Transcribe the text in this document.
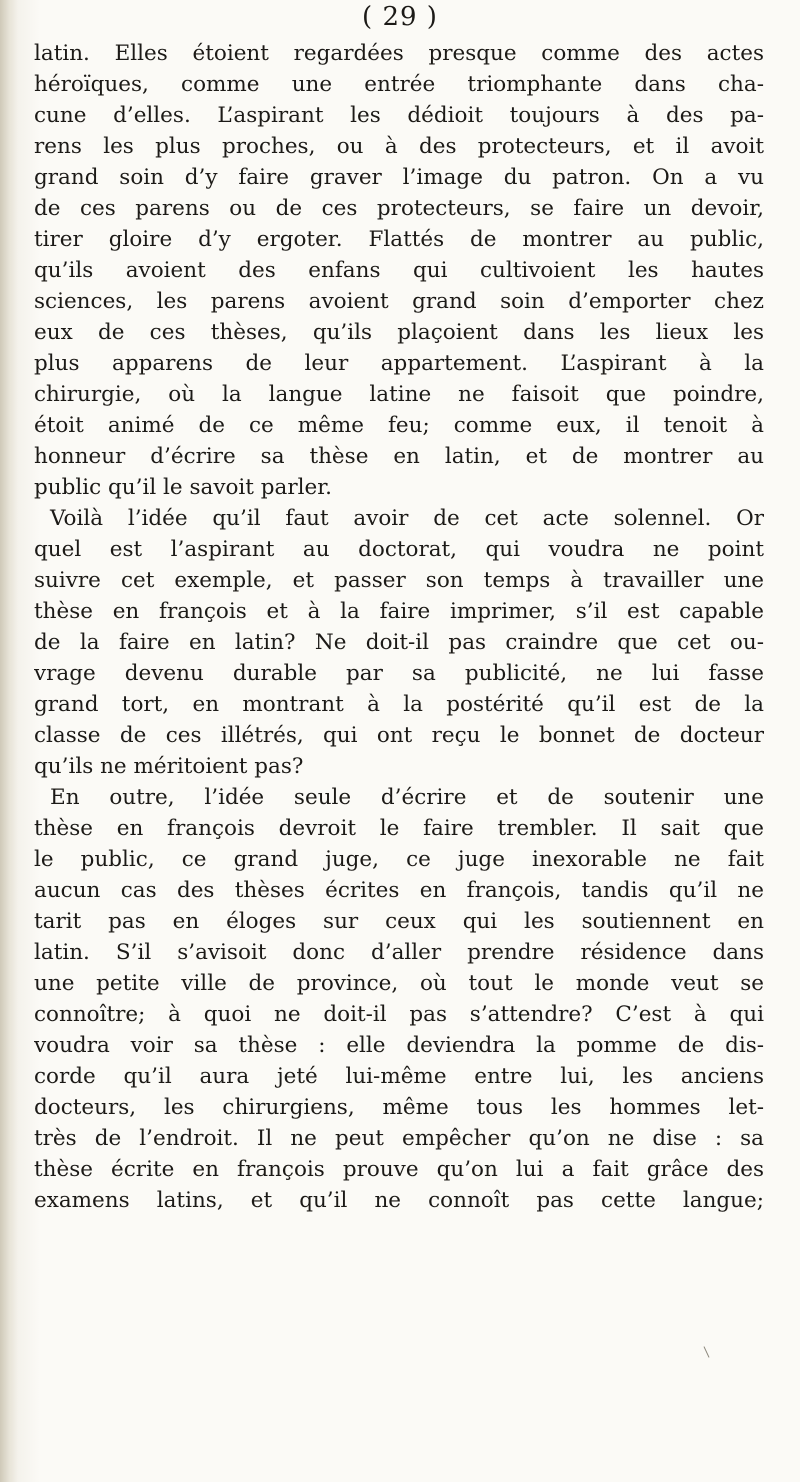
( 29 )
latin. Elles étoient regardées presque comme des actes
héroïques, comme une entrée triomphante dans cha-
cune d’elles. L’aspirant les dédioit toujours à des pa-
rens les plus proches, ou à des protecteurs, et il avoit
grand soin d’y faire graver l’image du patron. On a vu
de ces parens ou de ces protecteurs, se faire un devoir,
tirer gloire d’y ergoter. Flattés de montrer au public,
qu’ils avoient des enfans qui cultivoient les hautes
sciences, les parens avoient grand soin d’emporter chez
eux de ces thèses, qu’ils plaçoient dans les lieux les
plus apparens de leur appartement. L’aspirant à la
chirurgie, où la langue latine ne faisoit que poindre,
étoit animé de ce même feu; comme eux, il tenoit à
honneur d’écrire sa thèse en latin, et de montrer au
public qu’il le savoit parler.
Voilà l’idée qu’il faut avoir de cet acte solennel. Or
quel est l’aspirant au doctorat, qui voudra ne point
suivre cet exemple, et passer son temps à travailler une
thèse en françois et à la faire imprimer, s’il est capable
de la faire en latin? Ne doit-il pas craindre que cet ou-
vrage devenu durable par sa publicité, ne lui fasse
grand tort, en montrant à la postérité qu’il est de la
classe de ces illétrés, qui ont reçu le bonnet de docteur
qu’ils ne méritoient pas?
En outre, l’idée seule d’écrire et de soutenir une
thèse en françois devroit le faire trembler. Il sait que
le public, ce grand juge, ce juge inexorable ne fait
aucun cas des thèses écrites en françois, tandis qu’il ne
tarit pas en éloges sur ceux qui les soutiennent en
latin. S’il s’avisoit donc d’aller prendre résidence dans
une petite ville de province, où tout le monde veut se
connoître; à quoi ne doit-il pas s’attendre? C’est à qui
voudra voir sa thèse : elle deviendra la pomme de dis-
corde qu’il aura jeté lui-même entre lui, les anciens
docteurs, les chirurgiens, même tous les hommes let-
très de l’endroit. Il ne peut empêcher qu’on ne dise : sa
thèse écrite en françois prouve qu’on lui a fait grâce des
examens latins, et qu’il ne connoît pas cette langue;
